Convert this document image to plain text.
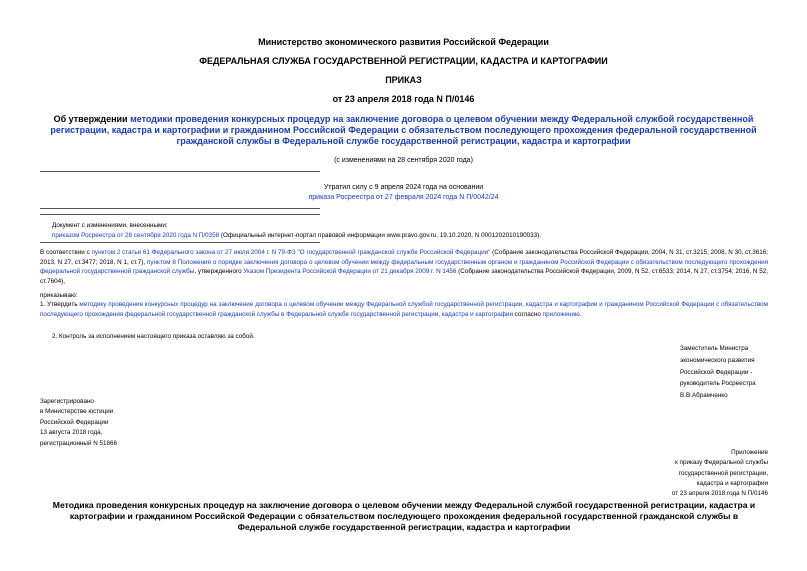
Министерство экономического развития Российской Федерации
ФЕДЕРАЛЬНАЯ СЛУЖБА ГОСУДАРСТВЕННОЙ РЕГИСТРАЦИИ, КАДАСТРА И КАРТОГРАФИИ
ПРИКАЗ
от 23 апреля 2018 года N П/0146
Об утверждении методики проведения конкурсных процедур на заключение договора о целевом обучении между Федеральной службой государственной регистрации, кадастра и картографии и гражданином Российской Федерации с обязательством последующего прохождения федеральной государственной гражданской службы в Федеральной службе государственной регистрации, кадастра и картографии
(с изменениями на 28 сентября 2020 года)
Утратил силу с 9 апреля 2024 года на основании
приказа Росреестра от 27 февраля 2024 года N П/0042/24
Документ с изменениями, внесенными:
приказом Росреестра от 28 сентября 2020 года N П/0358 (Официальный интернет-портал правовой информации www.pravo.gov.ru, 19.10.2020, N 0001202010190033).
В соответствии с пунктом 2 статьи 61 Федерального закона от 27 июля 2004 г. N 79-ФЗ "О государственной гражданской службе Российской Федерации" (Собрание законодательства Российской Федерации, 2004, N 31, ст.3215; 2008, N 30, ст.3616; 2013, N 27, ст.3477; 2018, N 1, ст.7), пунктом 8 Положения о порядке заключения договора о целевом обучении между федеральным государственным органом и гражданином Российской Федерации с обязательством последующего прохождения федеральной государственной гражданской службы, утвержденного Указом Президента Российской Федерации от 21 декабря 2009 г. N 1456 (Собрание законодательства Российской Федерации, 2009, N 52, ст.6533; 2014, N 27, ст.3754; 2016, N 52, ст.7604),
приказываю:
1. Утвердить методику проведения конкурсных процедур на заключение договора о целевом обучении между Федеральной службой государственной регистрации, кадастра и картографии и гражданином Российской Федерации с обязательством последующего прохождения федеральной государственной гражданской службы в Федеральной службе государственной регистрации, кадастра и картографии согласно приложению.
2. Контроль за исполнением настоящего приказа оставляю за собой.
Заместитель Министра
экономического развития
Российской Федерации -
руководитель Росреестра
В.В.Абрамченко
Зарегистрировано
в Министерстве юстиции
Российской Федерации
13 августа 2018 года,
регистрационный N 51866
Приложение
к приказу Федеральной службы
государственной регистрации,
кадастра и картографии
от 23 апреля 2018 года N П/0146
Методика проведения конкурсных процедур на заключение договора о целевом обучении между Федеральной службой государственной регистрации, кадастра и картографии и гражданином Российской Федерации с обязательством последующего прохождения федеральной государственной гражданской службы в Федеральной службе государственной регистрации, кадастра и картографии
